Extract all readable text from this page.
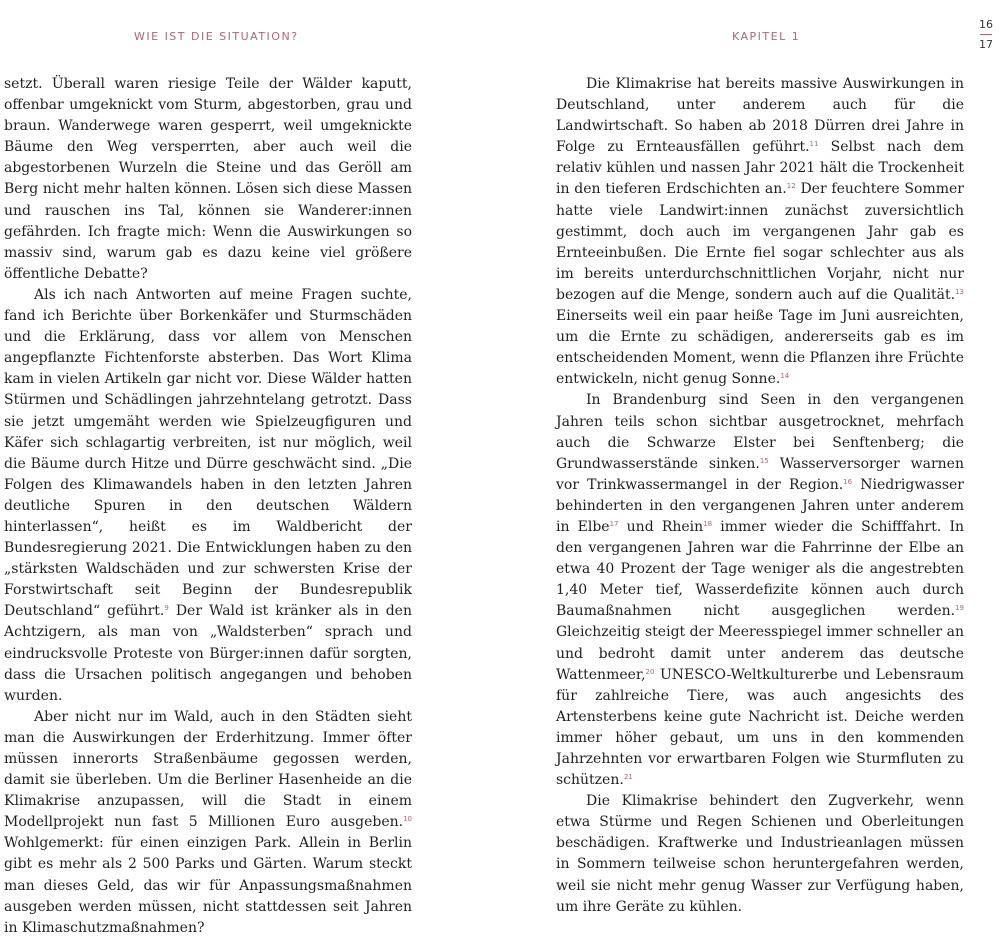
WIE IST DIE SITUATION?	KAPITEL 1
16
17

setzt. Überall waren riesige Teile der Wälder kaputt, offenbar umgeknickt vom Sturm, abgestorben, grau und braun. Wanderwege waren gesperrt, weil umgeknickte Bäume den Weg versperrten, aber auch weil die abgestorbenen Wurzeln die Steine und das Geröll am Berg nicht mehr halten können. Lösen sich diese Massen und rauschen ins Tal, können sie Wanderer:innen gefährden. Ich fragte mich: Wenn die Auswirkungen so massiv sind, warum gab es dazu keine viel größere öffentliche Debatte?

Als ich nach Antworten auf meine Fragen suchte, fand ich Berichte über Borkenkäfer und Sturmschäden und die Erklärung, dass vor allem von Menschen angepflanzte Fichtenforste absterben. Das Wort Klima kam in vielen Artikeln gar nicht vor. Diese Wälder hatten Stürmen und Schädlingen jahrzehntelang getrotzt. Dass sie jetzt umgemäht werden wie Spielzeugfiguren und Käfer sich schlagartig verbreiten, ist nur möglich, weil die Bäume durch Hitze und Dürre geschwächt sind. „Die Folgen des Klimawandels haben in den letzten Jahren deutliche Spuren in den deutschen Wäldern hinterlassen“, heißt es im Waldbericht der Bundesregierung 2021. Die Entwicklungen haben zu den „stärksten Waldschäden und zur schwersten Krise der Forstwirtschaft seit Beginn der Bundesrepublik Deutschland“ geführt.$^9$ Der Wald ist kränker als in den Achtzigern, als man von „Waldsterben“ sprach und eindrucksvolle Proteste von Bürger:innen dafür sorgten, dass die Ursachen politisch angegangen und behoben wurden.

Aber nicht nur im Wald, auch in den Städten sieht man die Auswirkungen der Erderhitzung. Immer öfter müssen innerorts Straßenbäume gegossen werden, damit sie überleben. Um die Berliner Hasenheide an die Klimakrise anzupassen, will die Stadt in einem Modellprojekt nun fast 5 Millionen Euro ausgeben.$^{10}$ Wohlgemerkt: für einen einzigen Park. Allein in Berlin gibt es mehr als 2 500 Parks und Gärten. Warum steckt man dieses Geld, das wir für Anpassungsmaßnahmen ausgeben werden müssen, nicht stattdessen seit Jahren in Klimaschutzmaßnahmen?

Die Klimakrise hat bereits massive Auswirkungen in Deutschland, unter anderem auch für die Landwirtschaft. So haben ab 2018 Dürren drei Jahre in Folge zu Ernteausfällen geführt.$^{11}$ Selbst nach dem relativ kühlen und nassen Jahr 2021 hält die Trockenheit in den tieferen Erdschichten an.$^{12}$ Der feuchtere Sommer hatte viele Landwirt:innen zunächst zuversichtlich gestimmt, doch auch im vergangenen Jahr gab es Ernteeinbußen. Die Ernte fiel sogar schlechter aus als im bereits unterdurchschnittlichen Vorjahr, nicht nur bezogen auf die Menge, sondern auch auf die Qualität.$^{13}$ Einerseits weil ein paar heiße Tage im Juni ausreichten, um die Ernte zu schädigen, andererseits gab es im entscheidenden Moment, wenn die Pflanzen ihre Früchte entwickeln, nicht genug Sonne.$^{14}$

In Brandenburg sind Seen in den vergangenen Jahren teils schon sichtbar ausgetrocknet, mehrfach auch die Schwarze Elster bei Senftenberg; die Grundwasserstände sinken.$^{15}$ Wasserversorger warnen vor Trinkwassermangel in der Region.$^{16}$ Niedrigwasser behinderten in den vergangenen Jahren unter anderem in Elbe$^{17}$ und Rhein$^{18}$ immer wieder die Schifffahrt. In den vergangenen Jahren war die Fahrrinne der Elbe an etwa 40 Prozent der Tage weniger als die angestrebten 1,40 Meter tief, Wasserdefizite können auch durch Baumaßnahmen nicht ausgeglichen werden.$^{19}$ Gleichzeitig steigt der Meeresspiegel immer schneller an und bedroht damit unter anderem das deutsche Wattenmeer,$^{20}$ UNESCO-Weltkulturerbe und Lebensraum für zahlreiche Tiere, was auch angesichts des Artensterbens keine gute Nachricht ist. Deiche werden immer höher gebaut, um uns in den kommenden Jahrzehnten vor erwartbaren Folgen wie Sturmfluten zu schützen.$^{21}$

Die Klimakrise behindert den Zugverkehr, wenn etwa Stürme und Regen Schienen und Oberleitungen beschädigen. Kraftwerke und Industrieanlagen müssen in Sommern teilweise schon heruntergefahren werden, weil sie nicht mehr genug Wasser zur Verfügung haben, um ihre Geräte zu kühlen.
